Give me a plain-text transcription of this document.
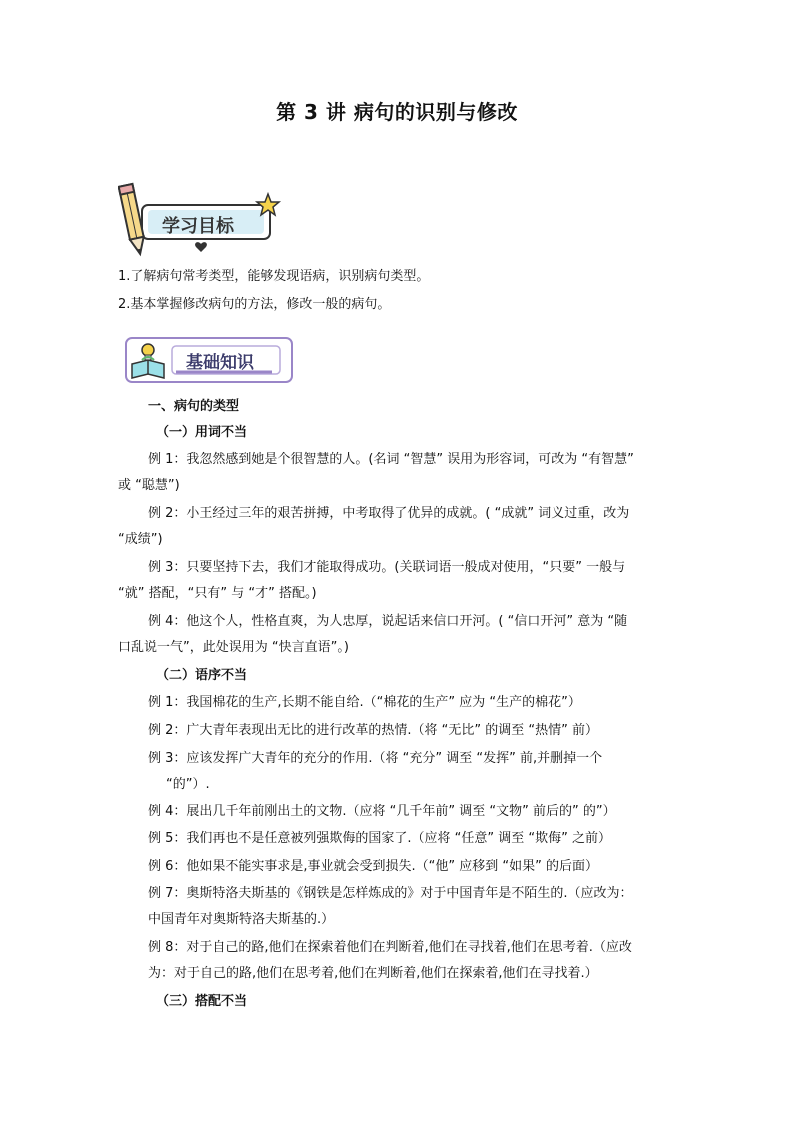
第 3 讲 病句的识别与修改
学习目标
1.了解病句常考类型，能够发现语病，识别病句类型。
2.基本掌握修改病句的方法，修改一般的病句。
基础知识
一、病句的类型
（一）用词不当
例 1：我忽然感到她是个很智慧的人。(名词 “智慧” 误用为形容词，可改为 “有智慧”
或 “聪慧”)
例 2：小王经过三年的艰苦拼搏，中考取得了优异的成就。( “成就” 词义过重，改为
“成绩”)
例 3：只要坚持下去，我们才能取得成功。(关联词语一般成对使用，“只要” 一般与
“就” 搭配，“只有” 与 “才” 搭配。)
例 4：他这个人，性格直爽，为人忠厚，说起话来信口开河。( “信口开河” 意为 “随
口乱说一气”，此处误用为 “快言直语”。)
（二）语序不当
例 1：我国棉花的生产,长期不能自给.（“棉花的生产” 应为 “生产的棉花”）
例 2：广大青年表现出无比的进行改革的热情.（将 “无比” 的调至 “热情” 前）
例 3：应该发挥广大青年的充分的作用.（将 “充分” 调至 “发挥” 前,并删掉一个
“的”）.
例 4：展出几千年前刚出土的文物.（应将 “几千年前” 调至 “文物” 前后的” 的”）
例 5：我们再也不是任意被列强欺侮的国家了.（应将 “任意” 调至 “欺侮” 之前）
例 6：他如果不能实事求是,事业就会受到损失.（“他” 应移到 “如果” 的后面）
例 7：奥斯特洛夫斯基的《钢铁是怎样炼成的》对于中国青年是不陌生的.（应改为：
中国青年对奥斯特洛夫斯基的.）
例 8：对于自己的路,他们在探索着他们在判断着,他们在寻找着,他们在思考着.（应改
为：对于自己的路,他们在思考着,他们在判断着,他们在探索着,他们在寻找着.）
（三）搭配不当
